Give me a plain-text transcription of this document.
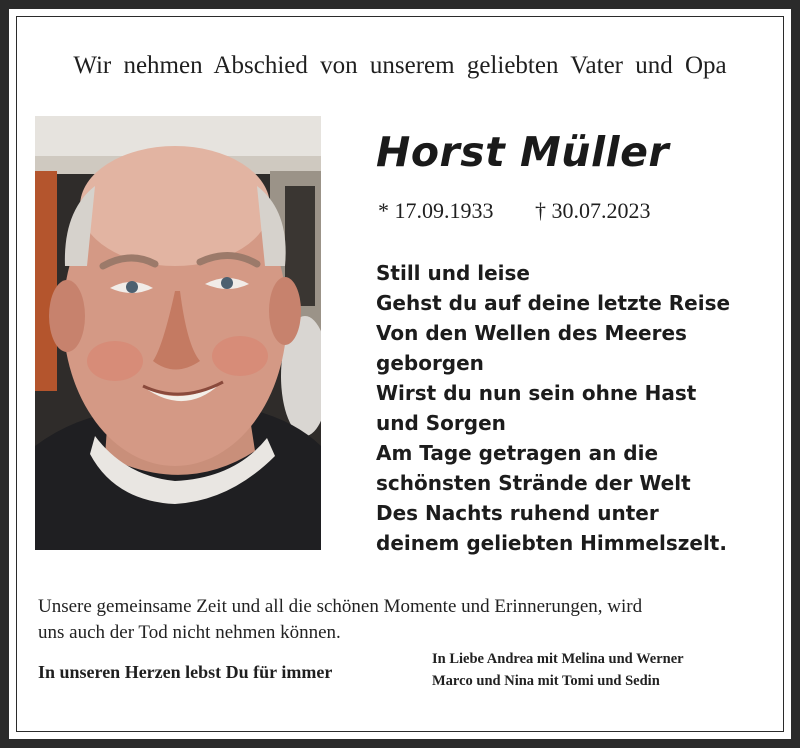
Wir nehmen Abschied von unserem geliebten Vater und Opa
Horst Müller
* 17.09.1933 † 30.07.2023
Still und leise
Gehst du auf deine letzte Reise
Von den Wellen des Meeres
geborgen
Wirst du nun sein ohne Hast
und Sorgen
Am Tage getragen an die
schönsten Strände der Welt
Des Nachts ruhend unter
deinem geliebten Himmelszelt.
Unsere gemeinsame Zeit und all die schönen Momente und Erinnerungen, wird
uns auch der Tod nicht nehmen können.
In unseren Herzen lebst Du für immer
In Liebe Andrea mit Melina und Werner
Marco und Nina mit Tomi und Sedin
